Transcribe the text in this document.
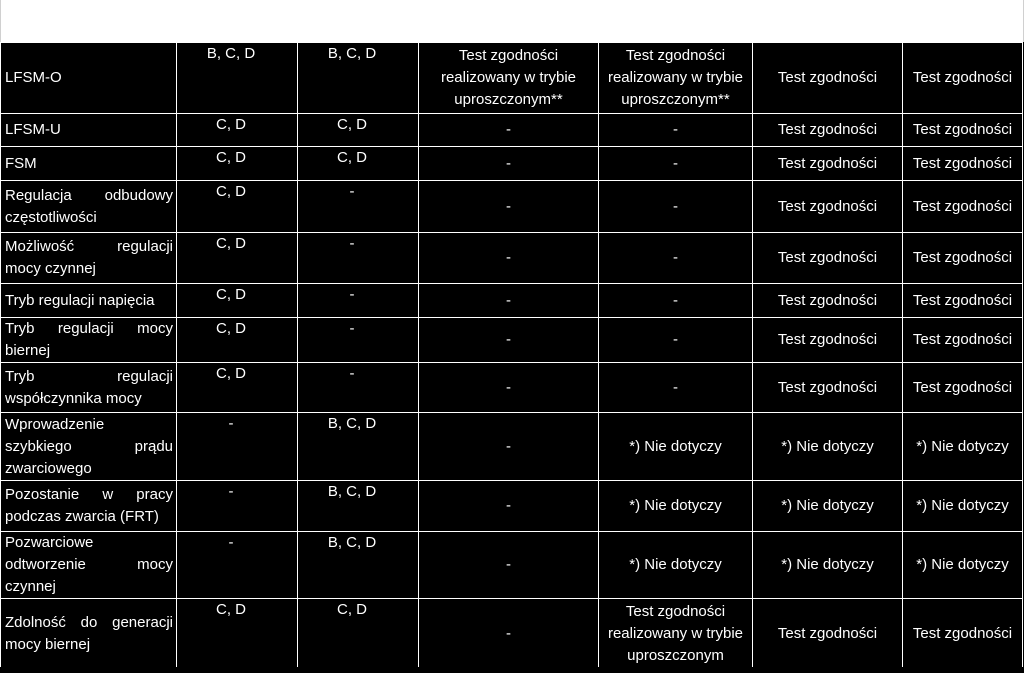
LFSM-O	B, C, D	B, C, D	Test zgodności realizowany w trybie uproszczonym**	Test zgodności realizowany w trybie uproszczonym**	Test zgodności	Test zgodności
LFSM-U	C, D	C, D	-	-	Test zgodności	Test zgodności
FSM	C, D	C, D	-	-	Test zgodności	Test zgodności
Regulacja odbudowy częstotliwości	C, D	-	-	-	Test zgodności	Test zgodności
Możliwość regulacji mocy czynnej	C, D	-	-	-	Test zgodności	Test zgodności
Tryb regulacji napięcia	C, D	-	-	-	Test zgodności	Test zgodności
Tryb regulacji mocy biernej	C, D	-	-	-	Test zgodności	Test zgodności
Tryb regulacji współczynnika mocy	C, D	-	-	-	Test zgodności	Test zgodności
Wprowadzenie szybkiego prądu zwarciowego	-	B, C, D	-	*) Nie dotyczy	*) Nie dotyczy	*) Nie dotyczy
Pozostanie w pracy podczas zwarcia (FRT)	-	B, C, D	-	*) Nie dotyczy	*) Nie dotyczy	*) Nie dotyczy
Pozwarciowe odtworzenie mocy czynnej	-	B, C, D	-	*) Nie dotyczy	*) Nie dotyczy	*) Nie dotyczy
Zdolność do generacji mocy biernej	C, D	C, D	-	Test zgodności realizowany w trybie uproszczonym	Test zgodności	Test zgodności
